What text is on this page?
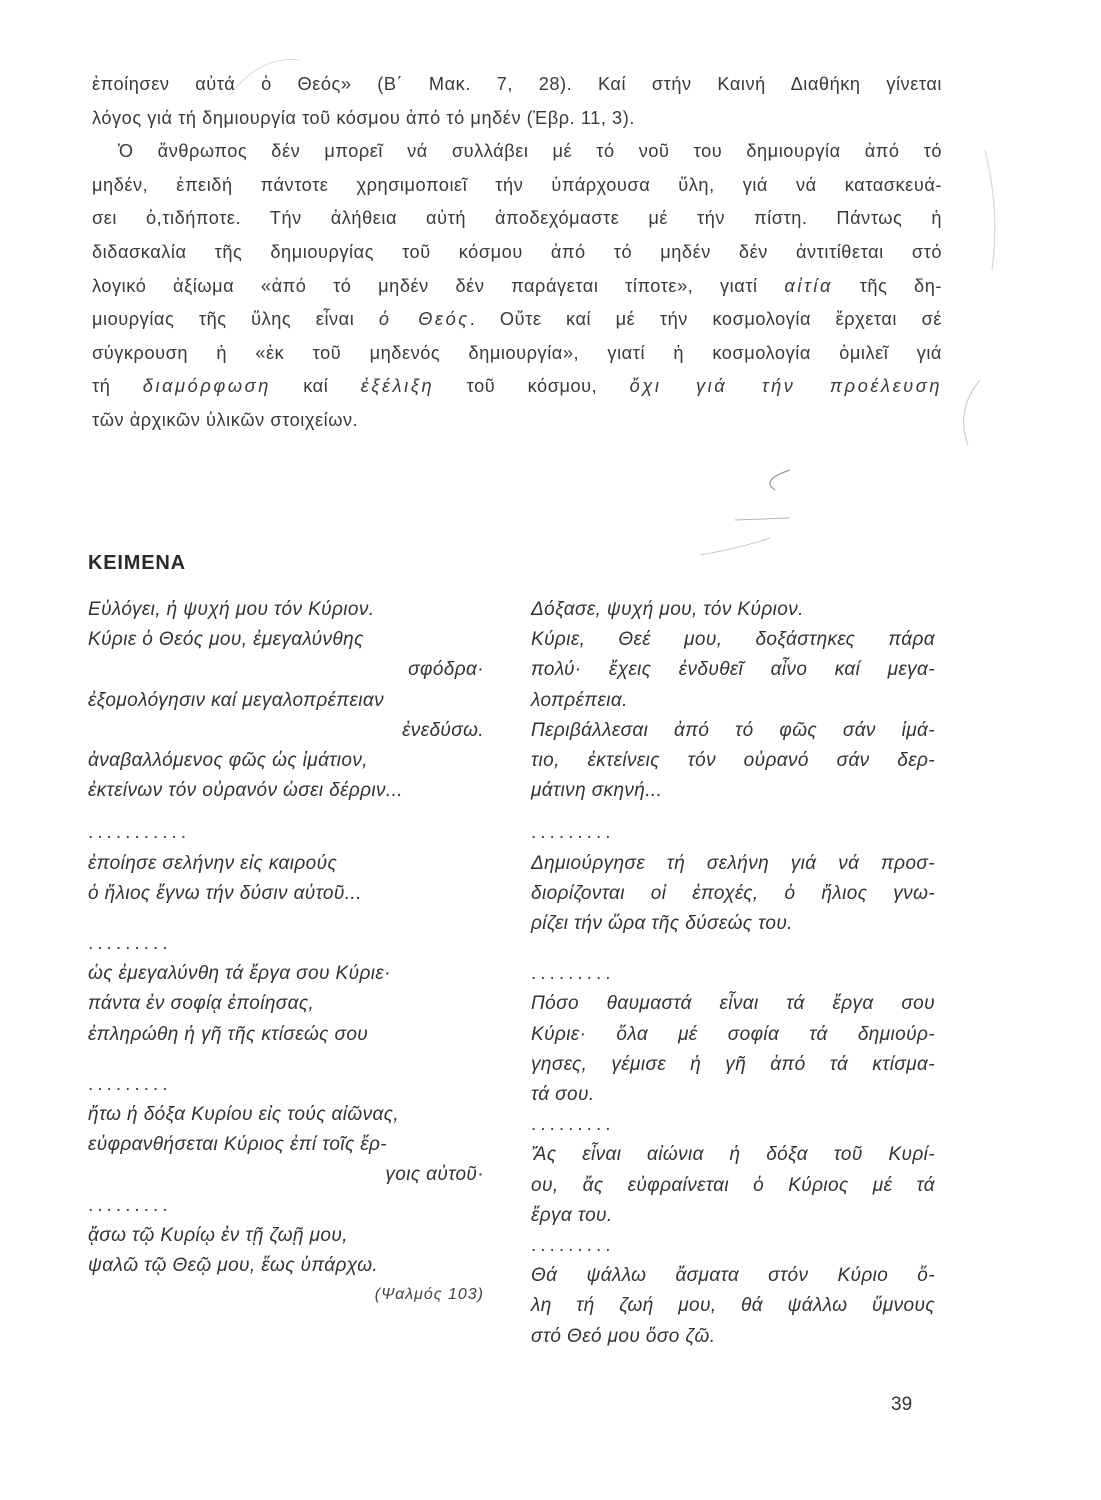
ἐποίησεν αὐτά ὁ Θεός» (Β΄ Μακ. 7, 28). Καί στήν Καινή Διαθήκη γίνεται

λόγος γιά τή δημιουργία τοῦ κόσμου ἀπό τό μηδέν (Ἑβρ. 11, 3).

Ὁ ἄνθρωπος δέν μπορεῖ νά συλλάβει μέ τό νοῦ του δημιουργία ἀπό τό

μηδέν, ἐπειδή πάντοτε χρησιμοποιεῖ τήν ὑπάρχουσα ὕλη, γιά νά κατασκευά-

σει ὁ,τιδήποτε. Τήν ἀλήθεια αὐτή ἀποδεχόμαστε μέ τήν πίστη. Πάντως ἡ

διδασκαλία τῆς δημιουργίας τοῦ κόσμου ἀπό τό μηδέν δέν ἀντιτίθεται στό

λογικό ἀξίωμα «ἀπό τό μηδέν δέν παράγεται τίποτε», γιατί αἰτία τῆς δη-

μιουργίας τῆς ὕλης εἶναι ὁ Θεός. Οὔτε καί μέ τήν κοσμολογία ἔρχεται σέ

σύγκρουση ἡ «ἐκ τοῦ μηδενός δημιουργία», γιατί ἡ κοσμολογία ὁμιλεῖ γιά

τή διαμόρφωση καί ἐξέλιξη τοῦ κόσμου, ὄχι γιά τήν προέλευση

τῶν ἀρχικῶν ὑλικῶν στοιχείων.

ΚΕΙΜΕΝΑ
Εὐλόγει, ἡ ψυχή μου τόν Κύριον.
Κύριε ὁ Θεός μου, ἐμεγαλύνθης
σφόδρα·
ἐξομολόγησιν καί μεγαλοπρέπειαν
ἐνεδύσω.
ἀναβαλλόμενος φῶς ὡς ἱμάτιον,
ἐκτείνων τόν οὐρανόν ὡσει δέρριν...
...........
ἐποίησε σελήνην εἰς καιρούς
ὁ ἥλιος ἔγνω τήν δύσιν αὐτοῦ...
.........
ὡς ἐμεγαλύνθη τά ἔργα σου Κύριε·
πάντα ἐν σοφίᾳ ἐποίησας,
ἐπληρώθη ἡ γῆ τῆς κτίσεώς σου
.........
ἤτω ἡ δόξα Κυρίου εἰς τούς αἰῶνας,
εὐφρανθήσεται Κύριος ἐπί τοῖς ἔρ-
γοις αὐτοῦ·
.........
ᾄσω τῷ Κυρίῳ ἐν τῇ ζωῇ μου,
ψαλῶ τῷ Θεῷ μου, ἕως ὑπάρχω.
(Ψαλμός 103)
Δόξασε, ψυχή μου, τόν Κύριον.
Κύριε, Θεέ μου, δοξάστηκες πάρα
πολύ· ἔχεις ἐνδυθεῖ αἶνο καί μεγα-
λοπρέπεια.
Περιβάλλεσαι ἀπό τό φῶς σάν ἱμά-
τιο, ἐκτείνεις τόν οὐρανό σάν δερ-
μάτινη σκηνή...
.........
Δημιούργησε τή σελήνη γιά νά προσ-
διορίζονται οἱ ἐποχές, ὁ ἥλιος γνω-
ρίζει τήν ὥρα τῆς δύσεώς του.
.........
Πόσο θαυμαστά εἶναι τά ἔργα σου
Κύριε· ὅλα μέ σοφία τά δημιούρ-
γησες, γέμισε ἡ γῆ ἀπό τά κτίσμα-
τά σου.
.........
Ἄς εἶναι αἰώνια ἡ δόξα τοῦ Κυρί-
ου, ἄς εὐφραίνεται ὁ Κύριος μέ τά
ἔργα του.
.........
Θά ψάλλω ἄσματα στόν Κύριο ὅ-
λη τή ζωή μου, θά ψάλλω ὕμνους
στό Θεό μου ὅσο ζῶ.
39
